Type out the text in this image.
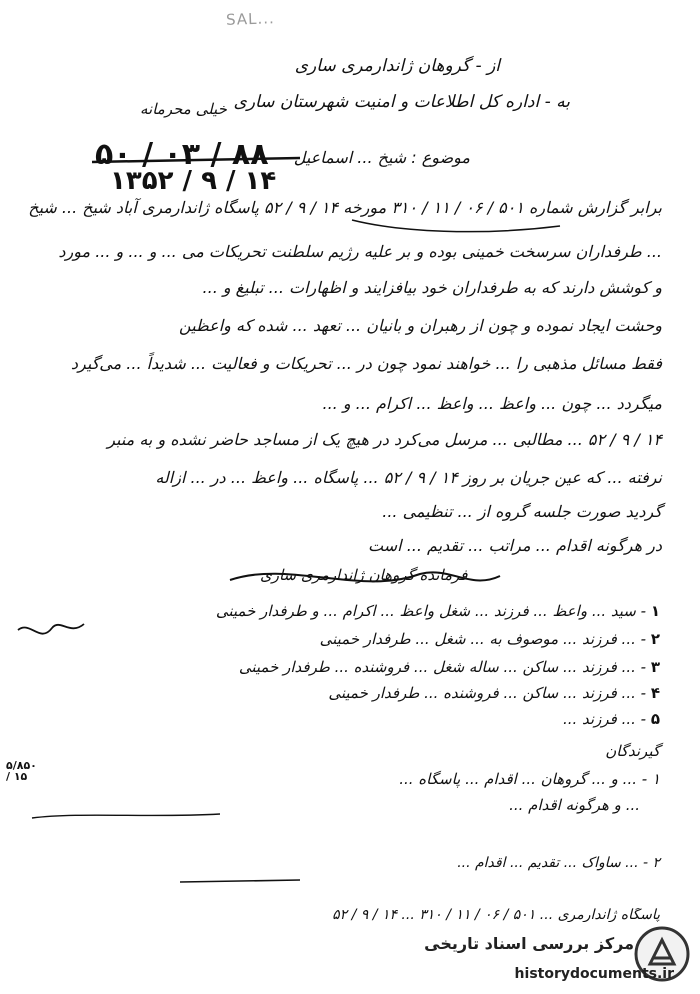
SAL...
از - گروهان ژاندارمری ساری
به - اداره کل اطلاعات و امنیت شهرستان ساری
خیلی محرمانه
۵۰ / ۰۳ / ۸۸
۱۳۵۲ / ۹ / ۱۴
موضوع : شیخ ... اسماعیل
برابر گزارش شماره ۵۰۱ / ۰۶ / ۱۱ / ۳۱۰ مورخه ۱۴ / ۹ / ۵۲ پاسگاه ژاندارمری آباد شیخ ... شیخ
... طرفداران سرسخت خمینی بوده و بر علیه رژیم سلطنت تحریکات می ... و ... و ... مورد
و کوشش دارند که به طرفداران خود بیافزایند و اظهارات ... تبلیغ و ...
وحشت ایجاد نموده و چون از رهبران و بانیان ... تعهد ... شده که واعظین
فقط مسائل مذهبی را ... خواهند نمود چون در ... تحریکات و فعالیت ... شدیداً ... می‌گیرد
میگردد ... چون ... واعظ ... واعظ ... اکرام ... و ...
۱۴ / ۹ / ۵۲ ... مطالبی ... مرسل می‌کرد در هیچ یک از مساجد حاضر نشده و به منبر
نرفته ... که عین جریان بر روز ۱۴ / ۹ / ۵۲ ... پاسگاه ... واعظ ... در ... ازاله
گردید صورت جلسه گروه از ... تنظیمی ...
در هرگونه اقدام ... مراتب ... تقدیم ... است
فرمانده گروهان ژاندارمری ساری
۱ - سید ... واعظ ... فرزند ... شغل واعظ ... اکرام ... و طرفدار خمینی
۲ - ... فرزند ... موصوف به ... شغل ... طرفدار خمینی
۳ - ... فرزند ... ساکن ... ساله شغل ... فروشنده ... طرفدار خمینی
۴ - ... فرزند ... ساکن ... فروشنده ... طرفدار خمینی
۵ - ... فرزند ...
گیرندگان
۱ - ... و ... گروهان ... اقدام ... پاسگاه ...
... و هرگونه اقدام ...
۵/۸۵۰ / ۱۵
۲ - ... ساواک ... تقدیم ... اقدام ...
پاسگاه ژاندارمری ... ۵۰۱ / ۰۶ / ۱۱ / ۳۱۰ ... ۱۴ / ۹ / ۵۲
مرکز بررسی اسناد تاریخی
historydocuments.ir
